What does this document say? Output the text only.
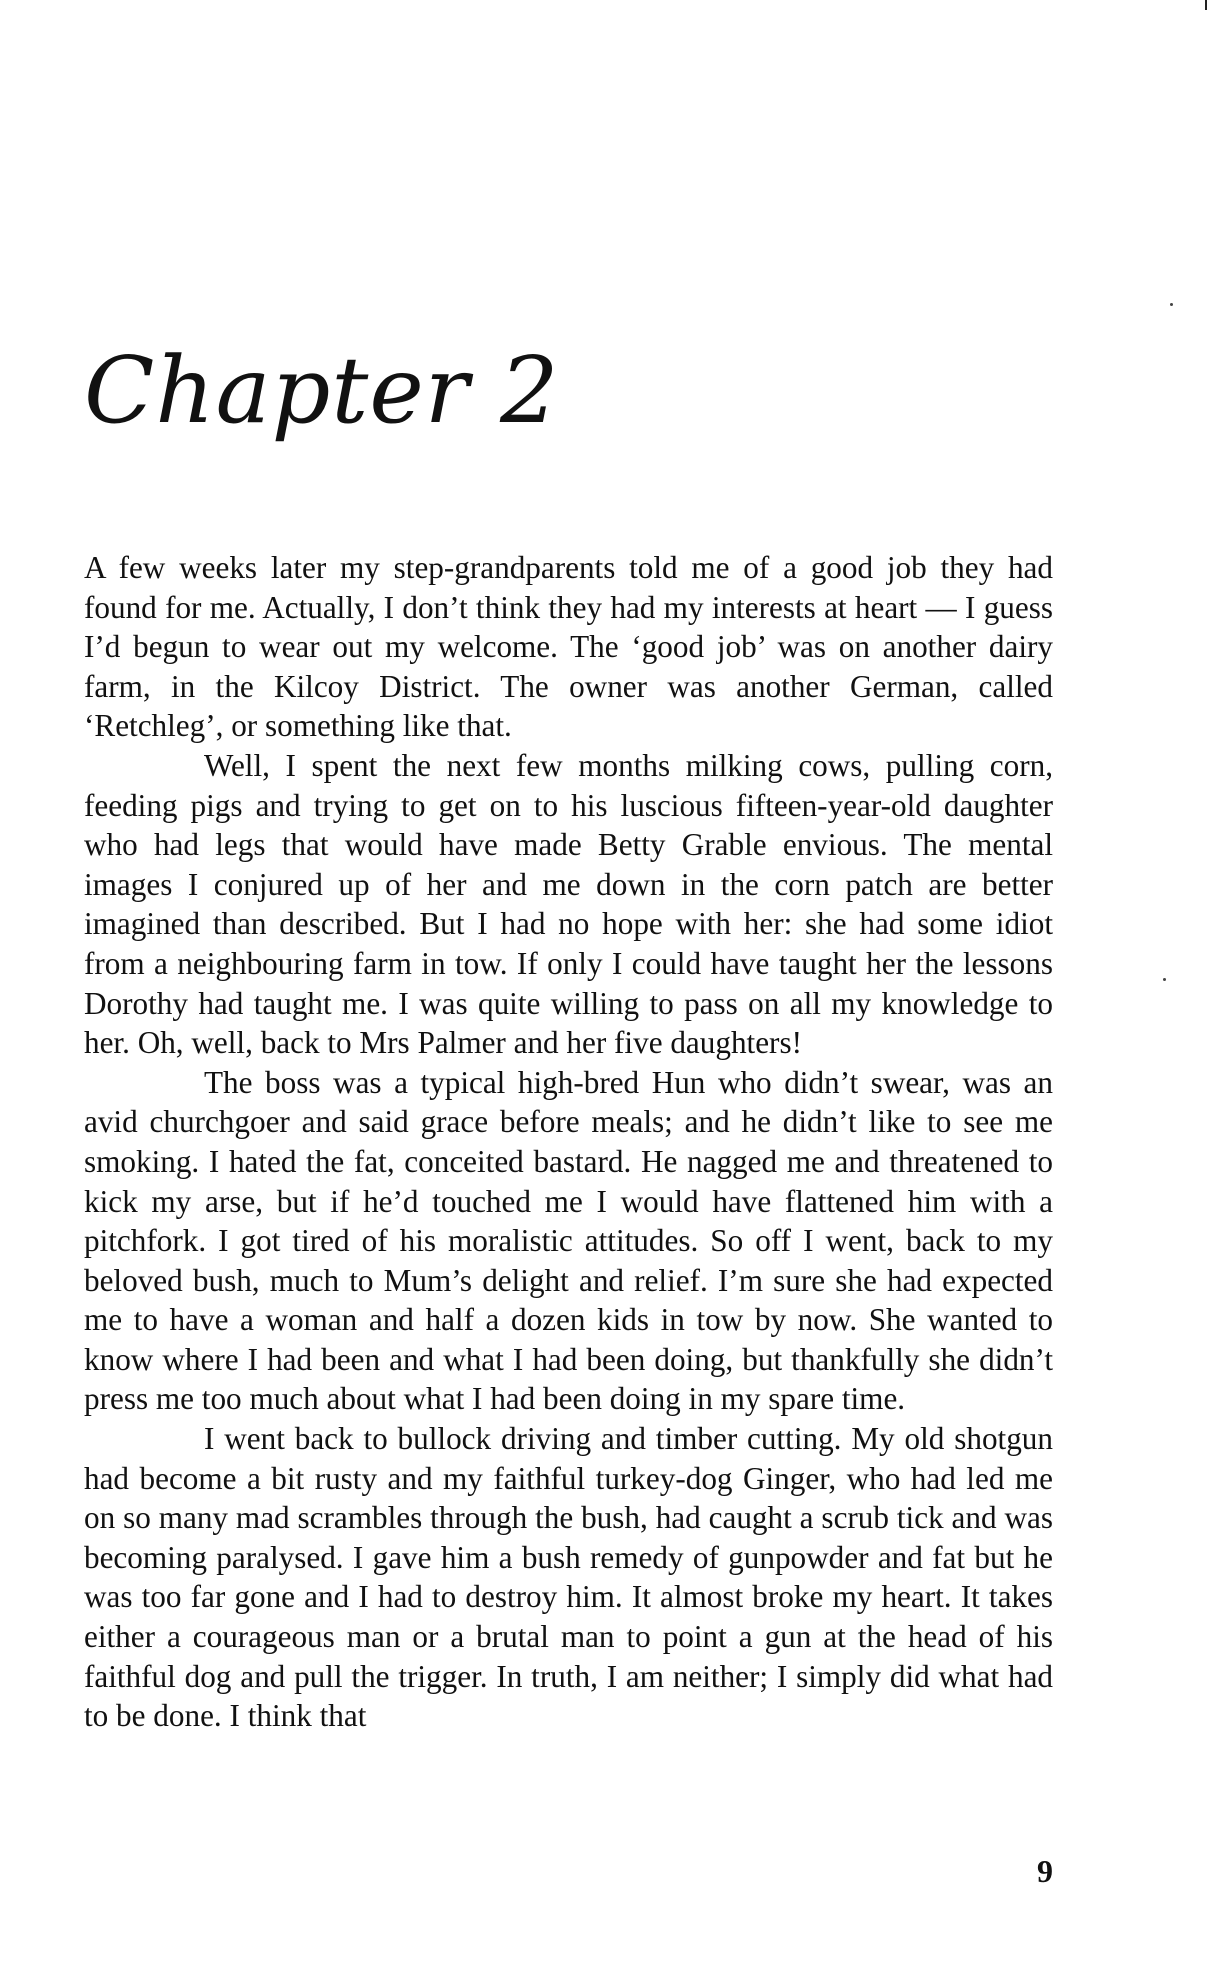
Chapter 2

A few weeks later my step-grandparents told me of a good job they had found for me. Actually, I don’t think they had my interests at heart — I guess I’d begun to wear out my welcome. The ‘good job’ was on another dairy farm, in the Kilcoy District. The owner was another German, called ‘Retchleg’, or something like that.

Well, I spent the next few months milking cows, pulling corn, feeding pigs and trying to get on to his luscious fifteen-year-old daughter who had legs that would have made Betty Grable envious. The mental images I conjured up of her and me down in the corn patch are better imagined than described. But I had no hope with her: she had some idiot from a neighbouring farm in tow. If only I could have taught her the lessons Dorothy had taught me. I was quite willing to pass on all my knowledge to her. Oh, well, back to Mrs Palmer and her five daughters!

The boss was a typical high-bred Hun who didn’t swear, was an avid churchgoer and said grace before meals; and he didn’t like to see me smoking. I hated the fat, conceited bastard. He nagged me and threatened to kick my arse, but if he’d touched me I would have flattened him with a pitchfork. I got tired of his moralistic attitudes. So off I went, back to my beloved bush, much to Mum’s delight and relief. I’m sure she had expected me to have a woman and half a dozen kids in tow by now. She wanted to know where I had been and what I had been doing, but thankfully she didn’t press me too much about what I had been doing in my spare time.

I went back to bullock driving and timber cutting. My old shotgun had become a bit rusty and my faithful turkey-dog Ginger, who had led me on so many mad scrambles through the bush, had caught a scrub tick and was becoming paralysed. I gave him a bush remedy of gunpowder and fat but he was too far gone and I had to destroy him. It almost broke my heart. It takes either a courageous man or a brutal man to point a gun at the head of his faithful dog and pull the trigger. In truth, I am neither; I simply did what had to be done. I think that

9
